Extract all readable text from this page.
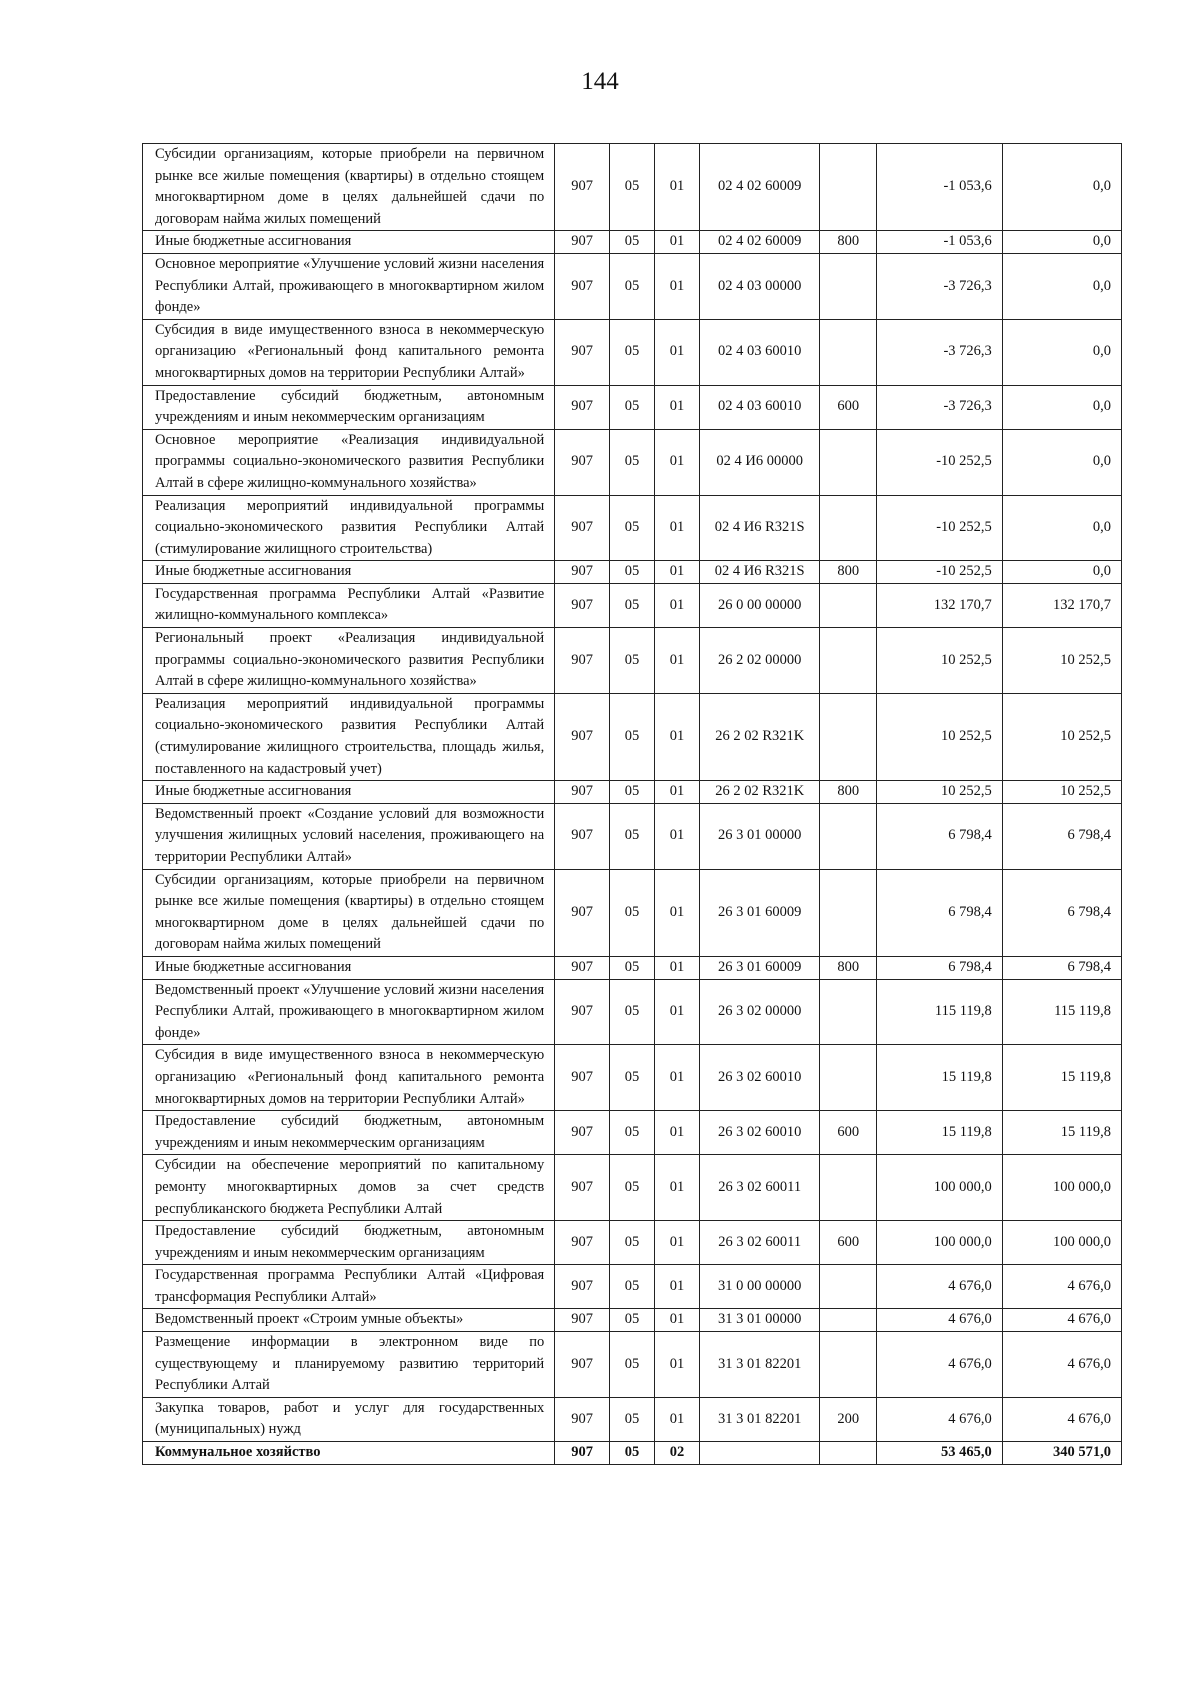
144
Субсидии организациям, которые приобрели на первичном рынке все жилые помещения (квартиры) в отдельно стоящем многоквартирном доме в целях дальнейшей сдачи по договорам найма жилых помещений	907	05	01	02 4 02 60009		-1 053,6	0,0
Иные бюджетные ассигнования	907	05	01	02 4 02 60009	800	-1 053,6	0,0
Основное мероприятие «Улучшение условий жизни населения Республики Алтай, проживающего в многоквартирном жилом фонде»	907	05	01	02 4 03 00000		-3 726,3	0,0
Субсидия в виде имущественного взноса в некоммерческую организацию «Региональный фонд капитального ремонта многоквартирных домов на территории Республики Алтай»	907	05	01	02 4 03 60010		-3 726,3	0,0
Предоставление субсидий бюджетным, автономным учреждениям и иным некоммерческим организациям	907	05	01	02 4 03 60010	600	-3 726,3	0,0
Основное мероприятие «Реализация индивидуальной программы социально-экономического развития Республики Алтай в сфере жилищно-коммунального хозяйства»	907	05	01	02 4 И6 00000		-10 252,5	0,0
Реализация мероприятий индивидуальной программы социально-экономического развития Республики Алтай (стимулирование жилищного строительства)	907	05	01	02 4 И6 R321S		-10 252,5	0,0
Иные бюджетные ассигнования	907	05	01	02 4 И6 R321S	800	-10 252,5	0,0
Государственная программа Республики Алтай «Развитие жилищно-коммунального комплекса»	907	05	01	26 0 00 00000		132 170,7	132 170,7
Региональный проект «Реализация индивидуальной программы социально-экономического развития Республики Алтай в сфере жилищно-коммунального хозяйства»	907	05	01	26 2 02 00000		10 252,5	10 252,5
Реализация мероприятий индивидуальной программы социально-экономического развития Республики Алтай (стимулирование жилищного строительства, площадь жилья, поставленного на кадастровый учет)	907	05	01	26 2 02 R321K		10 252,5	10 252,5
Иные бюджетные ассигнования	907	05	01	26 2 02 R321K	800	10 252,5	10 252,5
Ведомственный проект «Создание условий для возможности улучшения жилищных условий населения, проживающего на территории Республики Алтай»	907	05	01	26 3 01 00000		6 798,4	6 798,4
Субсидии организациям, которые приобрели на первичном рынке все жилые помещения (квартиры) в отдельно стоящем многоквартирном доме в целях дальнейшей сдачи по договорам найма жилых помещений	907	05	01	26 3 01 60009		6 798,4	6 798,4
Иные бюджетные ассигнования	907	05	01	26 3 01 60009	800	6 798,4	6 798,4
Ведомственный проект «Улучшение условий жизни населения Республики Алтай, проживающего в многоквартирном жилом фонде»	907	05	01	26 3 02 00000		115 119,8	115 119,8
Субсидия в виде имущественного взноса в некоммерческую организацию «Региональный фонд капитального ремонта многоквартирных домов на территории Республики Алтай»	907	05	01	26 3 02 60010		15 119,8	15 119,8
Предоставление субсидий бюджетным, автономным учреждениям и иным некоммерческим организациям	907	05	01	26 3 02 60010	600	15 119,8	15 119,8
Субсидии на обеспечение мероприятий по капитальному ремонту многоквартирных домов за счет средств республиканского бюджета Республики Алтай	907	05	01	26 3 02 60011		100 000,0	100 000,0
Предоставление субсидий бюджетным, автономным учреждениям и иным некоммерческим организациям	907	05	01	26 3 02 60011	600	100 000,0	100 000,0
Государственная программа Республики Алтай «Цифровая трансформация Республики Алтай»	907	05	01	31 0 00 00000		4 676,0	4 676,0
Ведомственный проект «Строим умные объекты»	907	05	01	31 3 01 00000		4 676,0	4 676,0
Размещение информации в электронном виде по существующему и планируемому развитию территорий Республики Алтай	907	05	01	31 3 01 82201		4 676,0	4 676,0
Закупка товаров, работ и услуг для государственных (муниципальных) нужд	907	05	01	31 3 01 82201	200	4 676,0	4 676,0
Коммунальное хозяйство	907	05	02			53 465,0	340 571,0
